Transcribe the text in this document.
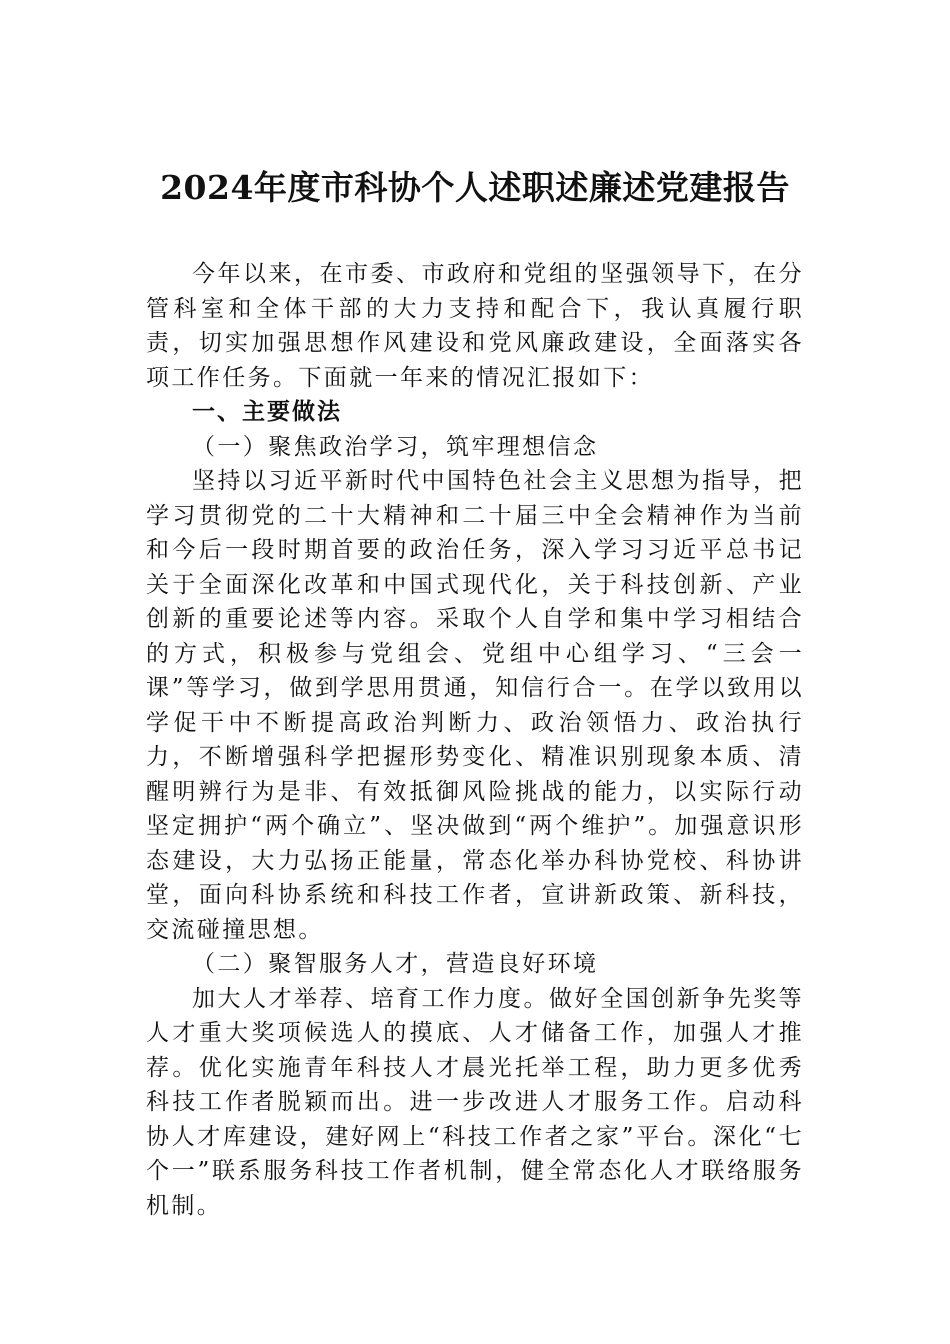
2024年度市科协个人述职述廉述党建报告

今年以来，在市委、市政府和党组的坚强领导下，在分管科室和全体干部的大力支持和配合下，我认真履行职责，切实加强思想作风建设和党风廉政建设，全面落实各项工作任务。下面就一年来的情况汇报如下：

一、主要做法

（一）聚焦政治学习，筑牢理想信念

坚持以习近平新时代中国特色社会主义思想为指导，把学习贯彻党的二十大精神和二十届三中全会精神作为当前和今后一段时期首要的政治任务，深入学习习近平总书记关于全面深化改革和中国式现代化，关于科技创新、产业创新的重要论述等内容。采取个人自学和集中学习相结合的方式，积极参与党组会、党组中心组学习、“三会一课”等学习，做到学思用贯通，知信行合一。在学以致用以学促干中不断提高政治判断力、政治领悟力、政治执行力，不断增强科学把握形势变化、精准识别现象本质、清醒明辨行为是非、有效抵御风险挑战的能力，以实际行动坚定拥护“两个确立”、坚决做到“两个维护”。加强意识形态建设，大力弘扬正能量，常态化举办科协党校、科协讲堂，面向科协系统和科技工作者，宣讲新政策、新科技，交流碰撞思想。

（二）聚智服务人才，营造良好环境

加大人才举荐、培育工作力度。做好全国创新争先奖等人才重大奖项候选人的摸底、人才储备工作，加强人才推荐。优化实施青年科技人才晨光托举工程，助力更多优秀科技工作者脱颖而出。进一步改进人才服务工作。启动科协人才库建设，建好网上“科技工作者之家”平台。深化“七个一”联系服务科技工作者机制，健全常态化人才联络服务机制。
